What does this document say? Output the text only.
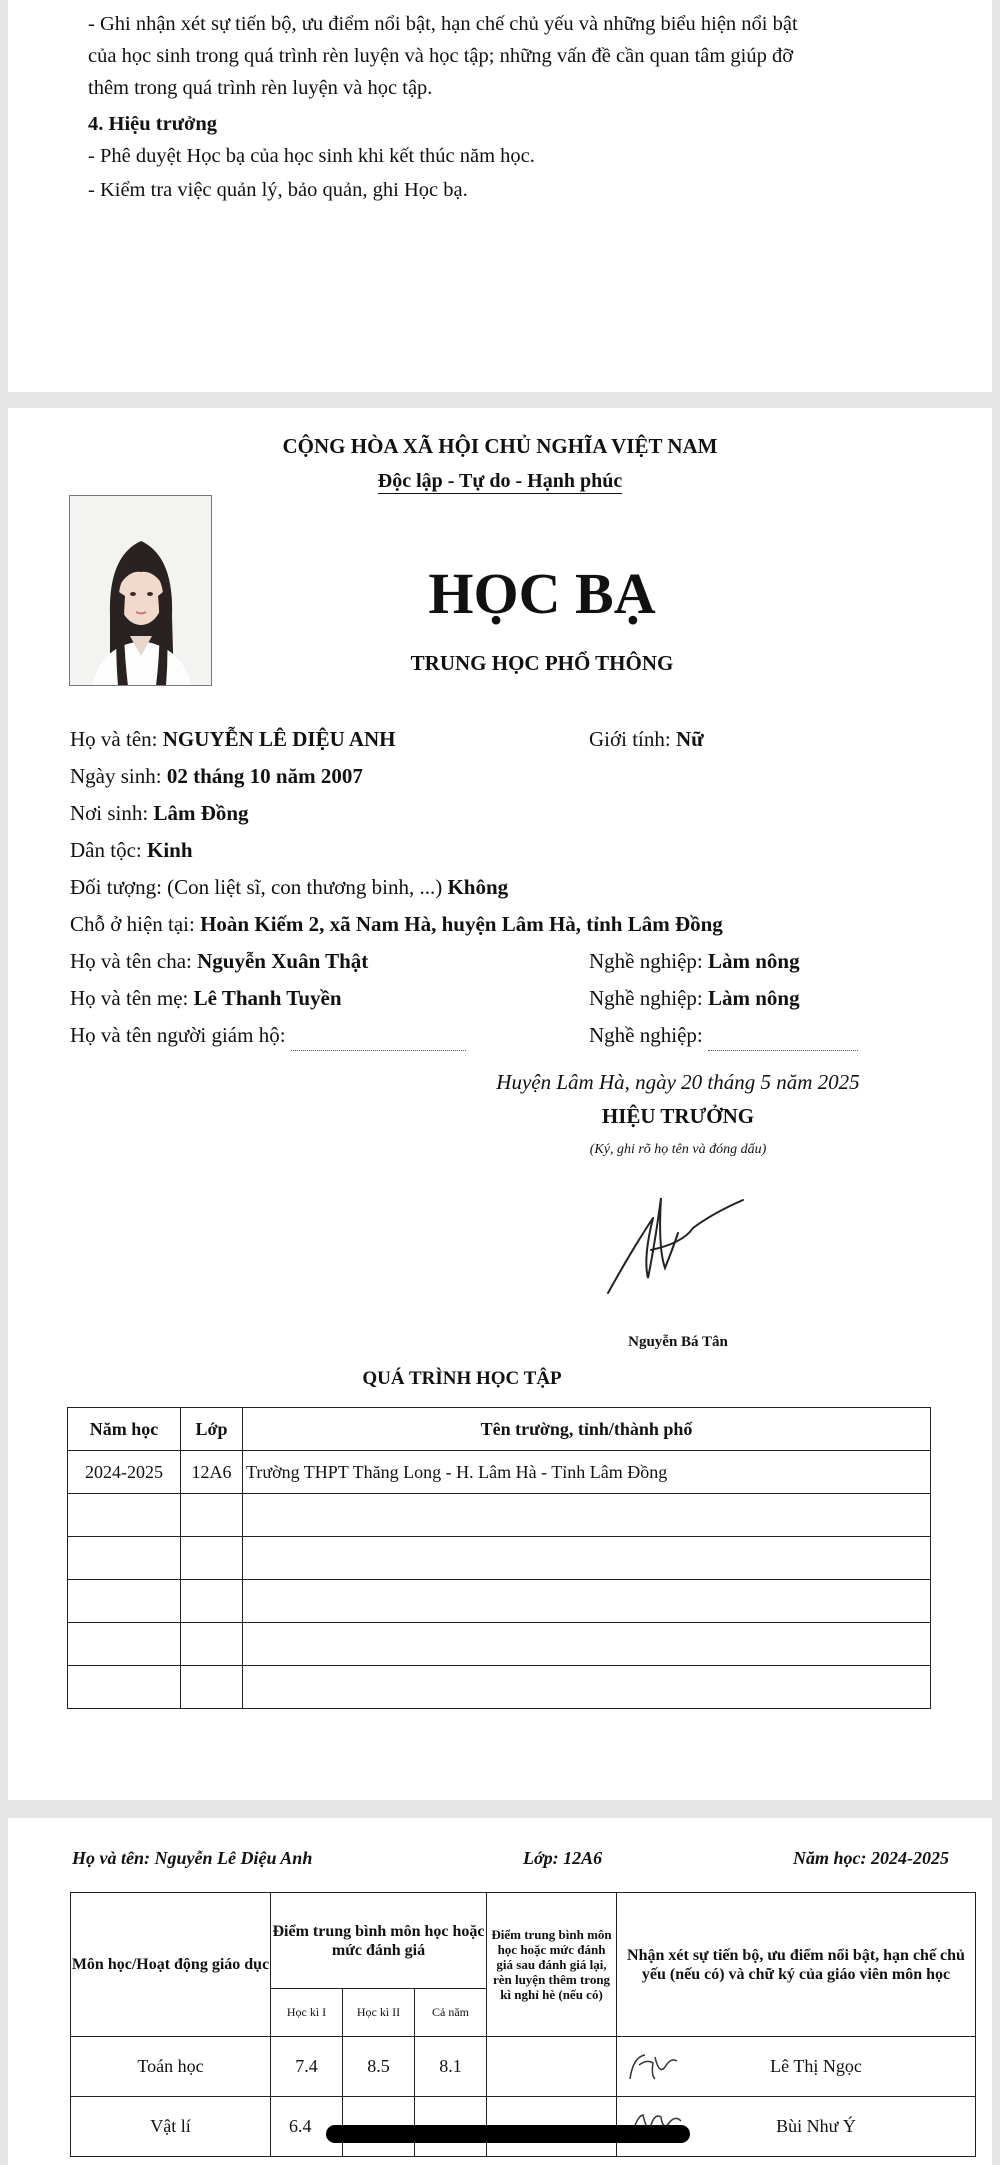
- Ghi nhận xét sự tiến bộ, ưu điểm nổi bật, hạn chế chủ yếu và những biểu hiện nổi bật
của học sinh trong quá trình rèn luyện và học tập; những vấn đề cần quan tâm giúp đỡ
thêm trong quá trình rèn luyện và học tập.
4. Hiệu trưởng
- Phê duyệt Học bạ của học sinh khi kết thúc năm học.
- Kiểm tra việc quản lý, bảo quản, ghi Học bạ.
CỘNG HÒA XÃ HỘI CHỦ NGHĨA VIỆT NAM
Độc lập - Tự do - Hạnh phúc
HỌC BẠ
TRUNG HỌC PHỔ THÔNG
Họ và tên: NGUYỄN LÊ DIỆU ANH	Giới tính: Nữ
Ngày sinh: 02 tháng 10 năm 2007
Nơi sinh: Lâm Đồng
Dân tộc: Kinh
Đối tượng: (Con liệt sĩ, con thương binh, ...) Không
Chỗ ở hiện tại: Hoàn Kiếm 2, xã Nam Hà, huyện Lâm Hà, tỉnh Lâm Đồng
Họ và tên cha: Nguyễn Xuân Thật	Nghề nghiệp: Làm nông
Họ và tên mẹ: Lê Thanh Tuyền	Nghề nghiệp: Làm nông
Họ và tên người giám hộ:	Nghề nghiệp:
Huyện Lâm Hà, ngày 20 tháng 5 năm 2025
HIỆU TRƯỞNG
(Ký, ghi rõ họ tên và đóng dấu)
Nguyễn Bá Tân
QUÁ TRÌNH HỌC TẬP
Năm học	Lớp	Tên trường, tỉnh/thành phố
2024-2025	12A6	Trường THPT Thăng Long - H. Lâm Hà - Tỉnh Lâm Đồng

Họ và tên: Nguyễn Lê Diệu Anh	Lớp: 12A6	Năm học: 2024-2025
Môn học/Hoạt động giáo dục	Điểm trung bình môn học hoặc mức đánh giá			Điểm trung bình môn học hoặc mức đánh giá sau đánh giá lại, rèn luyện thêm trong kì nghỉ hè (nếu có)	Nhận xét sự tiến bộ, ưu điểm nổi bật, hạn chế chủ yếu (nếu có) và chữ ký của giáo viên môn học
	Học kì I	Học kì II	Cả năm		
Toán học	7.4	8.5	8.1		Lê Thị Ngọc
Vật lí	6.4				Bùi Như Ý
